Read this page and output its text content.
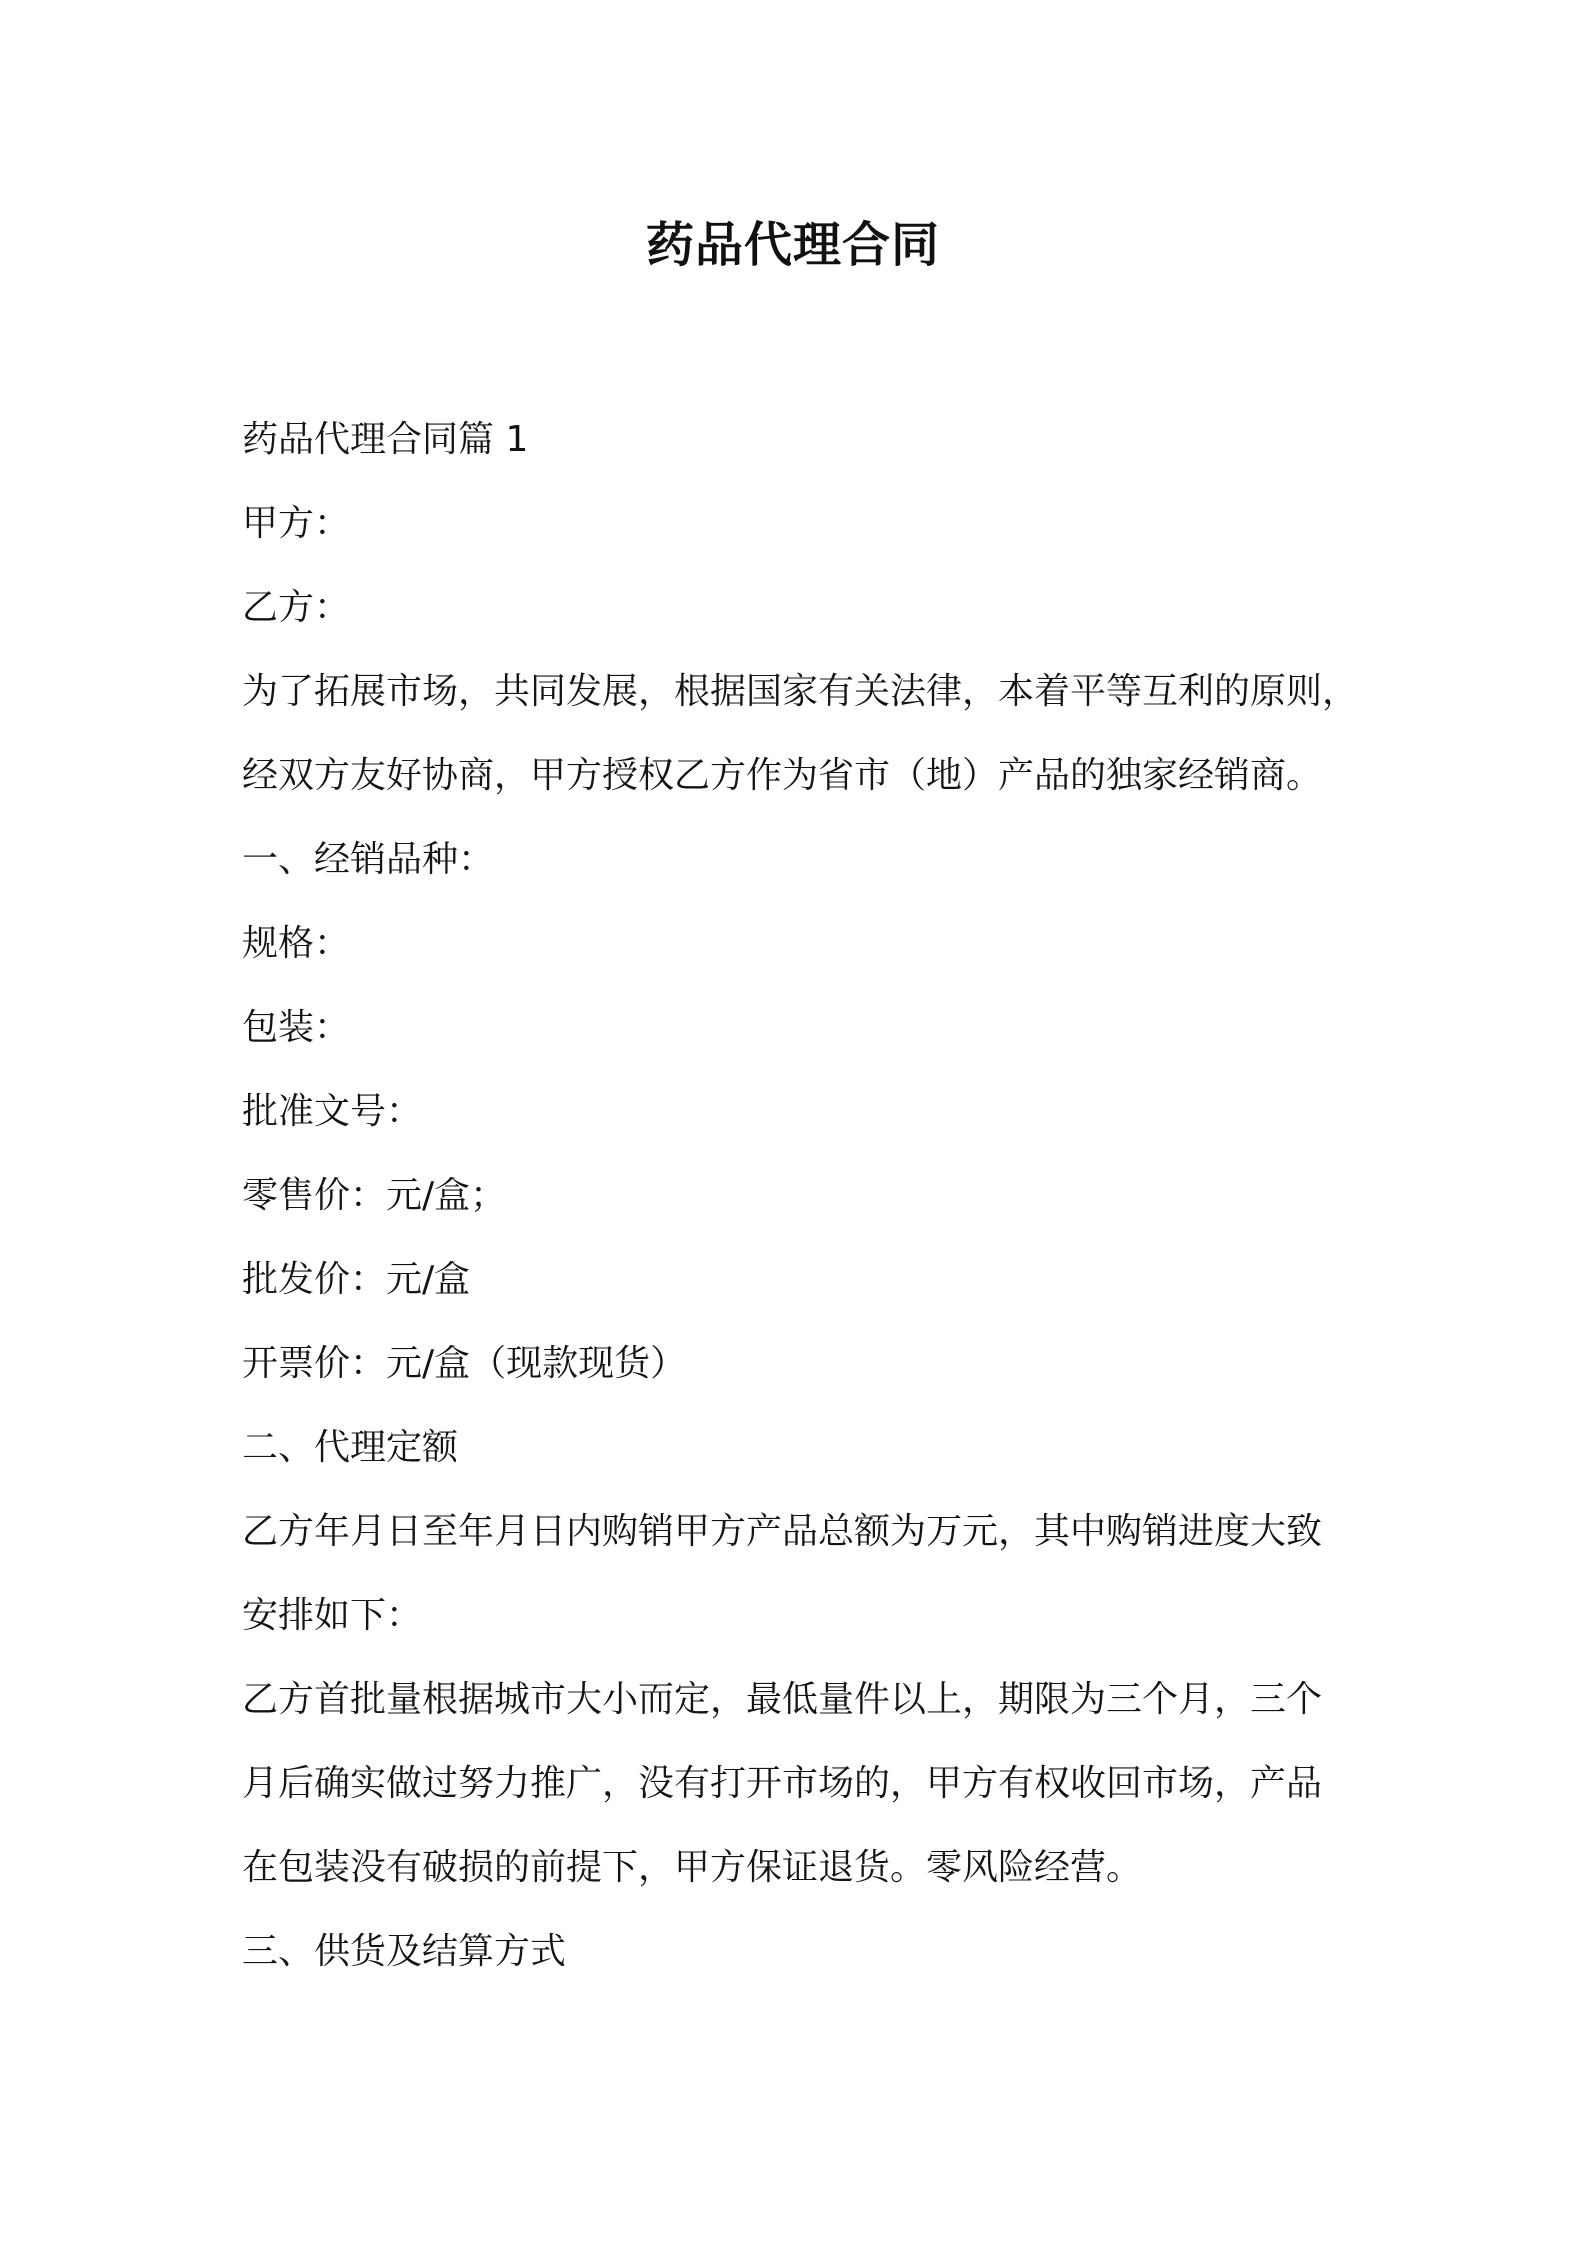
药品代理合同

药品代理合同篇 1

甲方：

乙方：

为了拓展市场，共同发展，根据国家有关法律，本着平等互利的原则，

经双方友好协商，甲方授权乙方作为省市（地）产品的独家经销商。

一、经销品种：

规格：

包装：

批准文号：

零售价：元/盒；

批发价：元/盒

开票价：元/盒（现款现货）

二、代理定额

乙方年月日至年月日内购销甲方产品总额为万元，其中购销进度大致

安排如下：

乙方首批量根据城市大小而定，最低量件以上，期限为三个月，三个

月后确实做过努力推广，没有打开市场的，甲方有权收回市场，产品

在包装没有破损的前提下，甲方保证退货。零风险经营。

三、供货及结算方式
